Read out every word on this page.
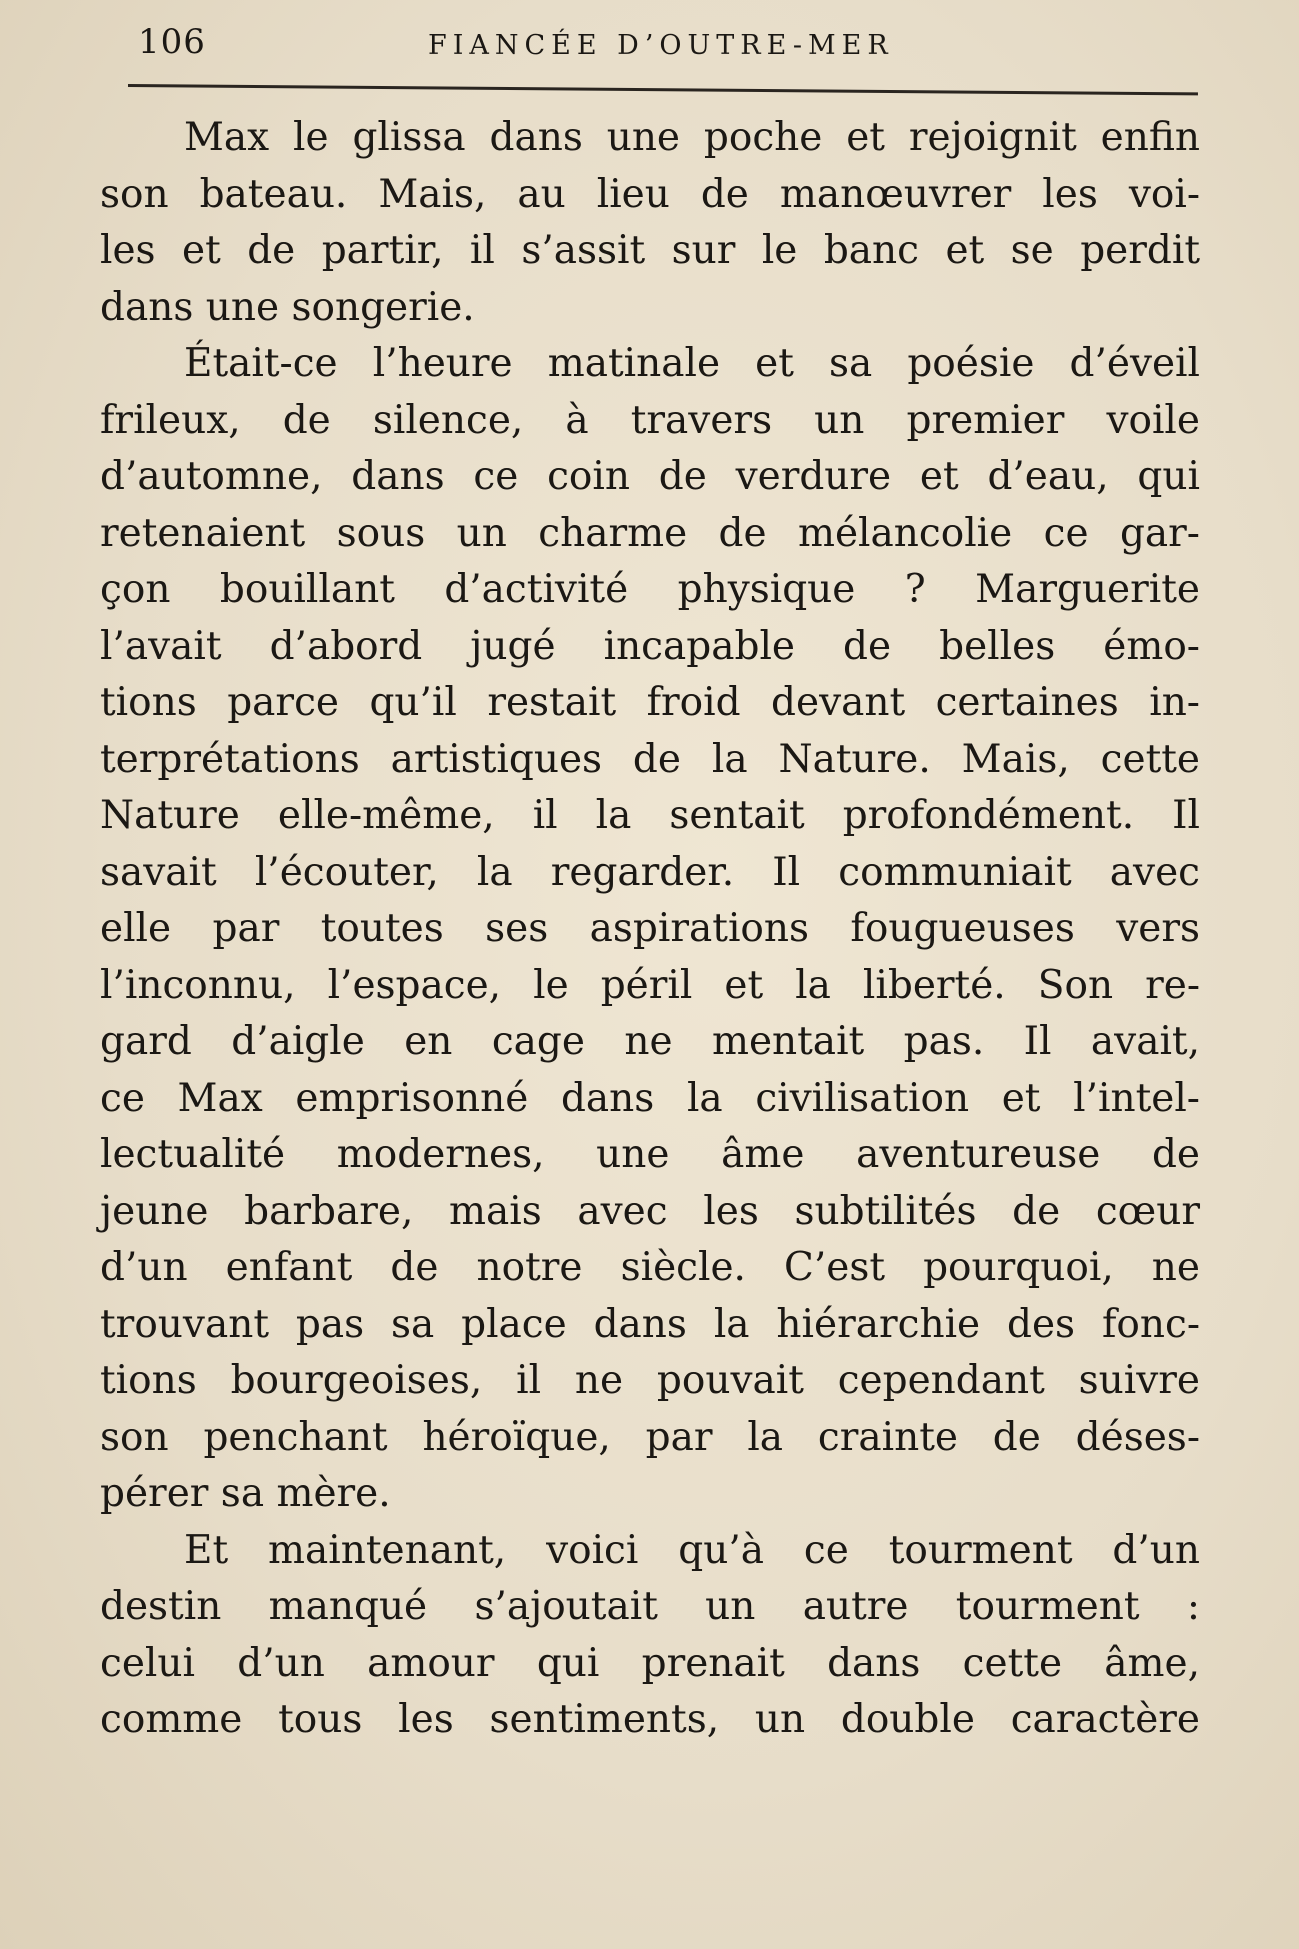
106	FIANCÉE D’OUTRE-MER
Max le glissa dans une poche et rejoignit enfin
son bateau. Mais, au lieu de manœuvrer les voi-
les et de partir, il s’assit sur le banc et se perdit
dans une songerie.
Était-ce l’heure matinale et sa poésie d’éveil
frileux, de silence, à travers un premier voile
d’automne, dans ce coin de verdure et d’eau, qui
retenaient sous un charme de mélancolie ce gar-
çon bouillant d’activité physique ? Marguerite
l’avait d’abord jugé incapable de belles émo-
tions parce qu’il restait froid devant certaines in-
terprétations artistiques de la Nature. Mais, cette
Nature elle-même, il la sentait profondément. Il
savait l’écouter, la regarder. Il communiait avec
elle par toutes ses aspirations fougueuses vers
l’inconnu, l’espace, le péril et la liberté. Son re-
gard d’aigle en cage ne mentait pas. Il avait,
ce Max emprisonné dans la civilisation et l’intel-
lectualité modernes, une âme aventureuse de
jeune barbare, mais avec les subtilités de cœur
d’un enfant de notre siècle. C’est pourquoi, ne
trouvant pas sa place dans la hiérarchie des fonc-
tions bourgeoises, il ne pouvait cependant suivre
son penchant héroïque, par la crainte de déses-
pérer sa mère.
Et maintenant, voici qu’à ce tourment d’un
destin manqué s’ajoutait un autre tourment :
celui d’un amour qui prenait dans cette âme,
comme tous les sentiments, un double caractère
